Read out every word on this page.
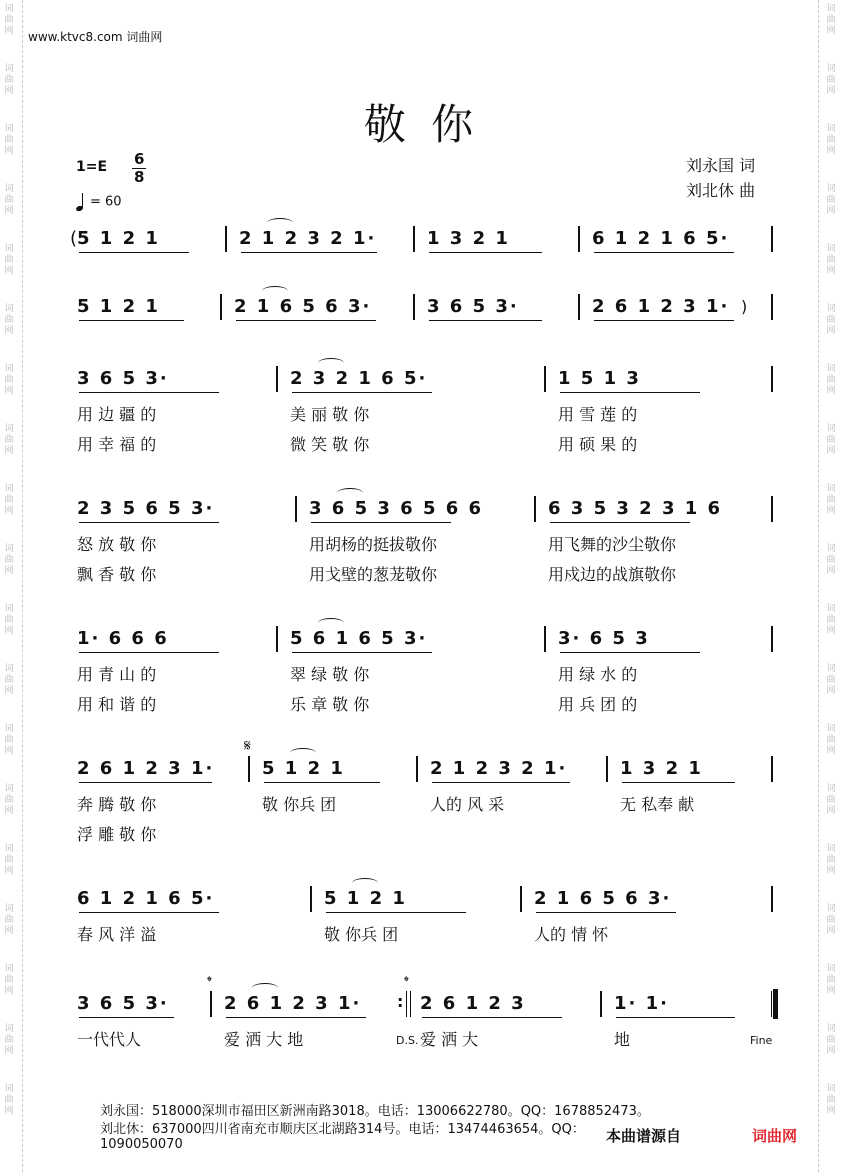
词曲网
词曲网
词曲网
词曲网
词曲网
词曲网
词曲网
词曲网
词曲网
词曲网
词曲网
词曲网
词曲网
词曲网
词曲网
词曲网
词曲网
词曲网
词曲网
词曲网
词曲网
词曲网
词曲网
词曲网
词曲网
词曲网
词曲网
词曲网
词曲网
词曲网
词曲网
词曲网
词曲网
词曲网
词曲网
词曲网
词曲网
词曲网
www.ktvc8.com 词曲网
敬 你
刘永国 词
刘北休 曲
1=E 6
8
= 60
5 1 2 1	2 1 2 3 2 1·	1 3 2 1	6 1 2 1 6 5·
5 1 2 1	2 1 6 5 6 3·	3 6 5 3·	2 6 1 2 3 1·
3 6 5 3·
用 边 疆 的
用 幸 福 的
2 3 2 1 6 5·
美 丽 敬 你
微 笑 敬 你
1 5 1 3
用 雪 莲 的
用 硕 果 的
2 3 5 6 5 3·
怒 放 敬 你
飘 香 敬 你
3 6 5 3 6 5 6 6
用胡杨的挺拔敬你
用戈壁的葱茏敬你
6 3 5 3 2 3 1 6
用飞舞的沙尘敬你
用戍边的战旗敬你
1· 6 6 6
用 青 山 的
用 和 谐 的
5 6 1 6 5 3·
翠 绿 敬 你
乐 章 敬 你
3· 6 5 3
用 绿 水 的
用 兵 团 的
2 6 1 2 3 1·
奔 腾 敬 你
浮 雕 敬 你
5 1 2 1
敬 你兵 团
2 1 2 3 2 1·
人的 风 采
1 3 2 1
无 私奉 献
6 1 2 1 6 5·
春 风 洋 溢
5 1 2 1
敬 你兵 团
2 1 6 5 6 3·
人的 情 怀
:
3 6 5 3·
一代代人
2 6 1 2 3 1·
爱 洒 大 地
2 6 1 2 3
爱 洒 大
1· 1·
地
(
)
𝄋
𝄌	𝄌
D.S.	Fine
刘永国：518000深圳市福田区新洲南路3018。电话：13006622780。QQ：1678852473。
刘北休：637000四川省南充市顺庆区北湖路314号。电话：13474463654。QQ：1090050070	本曲谱源自	词曲网
